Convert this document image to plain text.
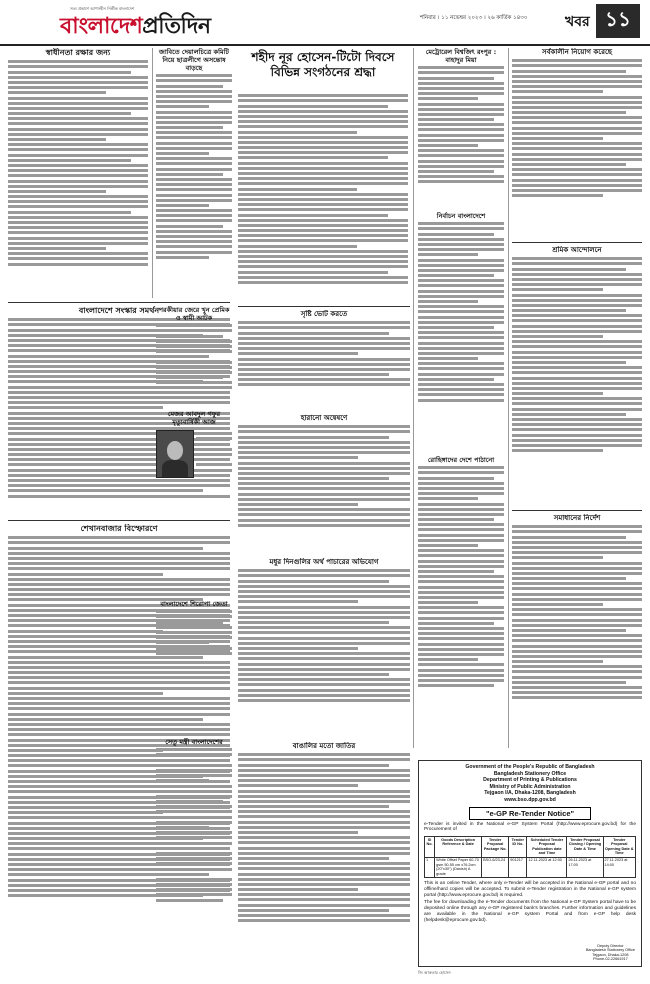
সত্য প্রকাশে আপসহীন নির্ভীক বাংলাদেশ
বাংলাদেশপ্রতিদিন	শনিবার । ১১ নভেম্বর ২০২৩ । ২৬ কার্তিক ১৪৩০	খবর ১১
স্বাধীনতা রক্ষার জন্য
বাংলাদেশে সংস্কার সমর্থন
শেখানবাজার বিস্ফোরণে
জাবিতে দেয়ালচিত্রে কমিটি নিয়ে ছাত্রলীগে অসন্তোষ বাড়ছে
শহীদ নূর হোসেন-টিটো দিবসে বিভিন্ন সংগঠনের শ্রদ্ধা
পরকীয়ার জেরে খুন প্রেমিক ও স্বামী আটক
মেজর আবদুল গফুর মৃত্যুবার্ষিকী আজ
বাংলাদেশে শিরোপা জেতা
সেতু মন্ত্রী বাংলাদেশের
সৃষ্টি ভোট করতে
হারানো অন্বেষণে
মধুর দিনগুলির অর্থ পাচারের অভিযোগ
বাঙালির মতো জাতির
মেট্রোরেল বিশ্বজিৎ রংপুর : বাহাদুর মিয়া
নির্বাচন বাংলাদেশে
রোহিঙ্গাদের দেশে পাঠানো
সর্বকালীন নিয়োগ করেছে
শ্রমিক আন্দোলনে
সমাধানের নির্দেশ
Government of the People's Republic of Bangladesh
Bangladesh Stationery Office
Department of Printing & Publications
Ministry of Public Administration
Tejgaon I/A, Dhaka-1208, Bangladesh
www.bso.dpp.gov.bd
"e-GP Re-Tender Notice"
e-Tender is invited in the National e-GP System Portal (http://www.eprocure.gov.bd) for the Procurement of
Sl No.	Goods Description Reference & Date	Tender Proposal Package No.	Tender ID No.	Scheduled Tender Proposal Publication date and Time	Tender Proposal Closing / Opening Date & Time	Tender Proposal Opening Date & Time
1	White Offset Paper 60-70 gsm 50-55 cm x76.2cm (20"x30") (Danish) A grade	BSO-6/23-24	901217	12.11.2023 at 12:00	26.11.2023 at 17:00	27.11.2023 at 14:00
This is an online Tender, where only e-Tender will be accepted in the National e-GP portal and no offline/hard copies will be accepted. To submit e-Tender registration in the National e-GP system portal (http://www.eprocure.gov.bd) is required.
The fee for downloading the e-Tender documents from the National e-GP System portal have to be deposited online through any e-GP registered bank's branches. Further information and guidelines are available in the National e-GP system Portal and from e-GP help desk (helpdesk@eprocure.gov.bd).
Deputy Director
Bangladesh Stationery Office
Tejgaon, Dhaka-1208
Phone-02-22661917
জি আকতার হোসেন
